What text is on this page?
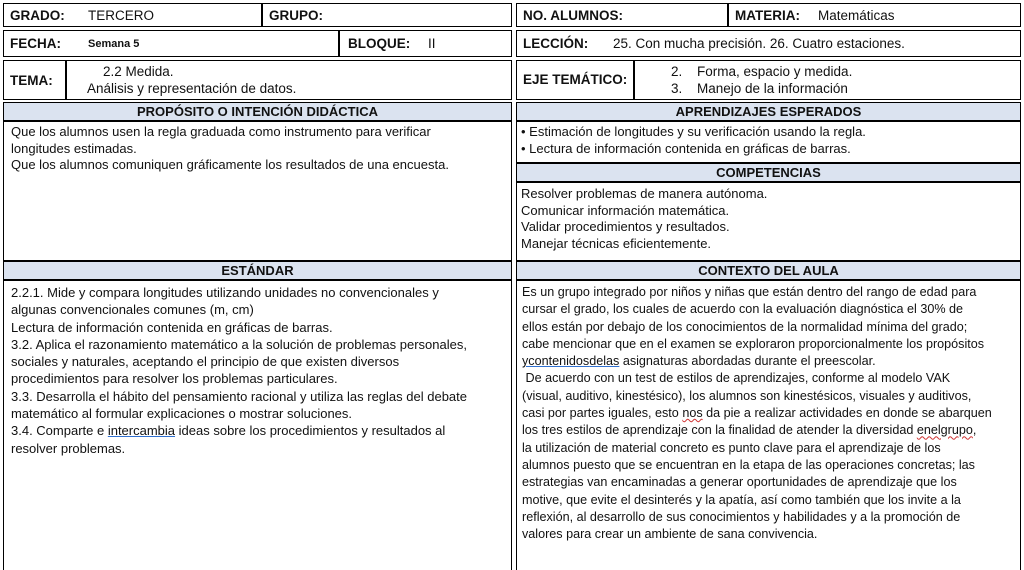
GRADO: TERCERO	GRUPO:
FECHA: Semana 5	BLOQUE: II
TEMA:
2.2 Medida.
Análisis y representación de datos.
NO. ALUMNOS:	MATERIA: Matemáticas
LECCIÓN: 25. Con mucha precisión. 26. Cuatro estaciones.
EJE TEMÁTICO:
2. Forma, espacio y medida.
3. Manejo de la información
PROPÓSITO O INTENCIÓN DIDÁCTICA
Que los alumnos usen la regla graduada como instrumento para verificar
longitudes estimadas.
Que los alumnos comuniquen gráficamente los resultados de una encuesta.
APRENDIZAJES ESPERADOS
• Estimación de longitudes y su verificación usando la regla.
• Lectura de información contenida en gráficas de barras.
COMPETENCIAS
Resolver problemas de manera autónoma.
Comunicar información matemática.
Validar procedimientos y resultados.
Manejar técnicas eficientemente.
ESTÁNDAR
2.2.1. Mide y compara longitudes utilizando unidades no convencionales y
algunas convencionales comunes (m, cm)
Lectura de información contenida en gráficas de barras.
3.2. Aplica el razonamiento matemático a la solución de problemas personales,
sociales y naturales, aceptando el principio de que existen diversos
procedimientos para resolver los problemas particulares.
3.3. Desarrolla el hábito del pensamiento racional y utiliza las reglas del debate
matemático al formular explicaciones o mostrar soluciones.
3.4. Comparte e intercambia ideas sobre los procedimientos y resultados al
resolver problemas.
CONTEXTO DEL AULA
Es un grupo integrado por niños y niñas que están dentro del rango de edad para
cursar el grado, los cuales de acuerdo con la evaluación diagnóstica el 30% de
ellos están por debajo de los conocimientos de la normalidad mínima del grado;
cabe mencionar que en el examen se exploraron proporcionalmente los propósitos
ycontenidosdelas asignaturas abordadas durante el preescolar.
De acuerdo con un test de estilos de aprendizajes, conforme al modelo VAK
(visual, auditivo, kinestésico), los alumnos son kinestésicos, visuales y auditivos,
casi por partes iguales, esto nos da pie a realizar actividades en donde se abarquen
los tres estilos de aprendizaje con la finalidad de atender la diversidad enelgrupo,
la utilización de material concreto es punto clave para el aprendizaje de los
alumnos puesto que se encuentran en la etapa de las operaciones concretas; las
estrategias van encaminadas a generar oportunidades de aprendizaje que los
motive, que evite el desinterés y la apatía, así como también que los invite a la
reflexión, al desarrollo de sus conocimientos y habilidades y a la promoción de
valores para crear un ambiente de sana convivencia.
